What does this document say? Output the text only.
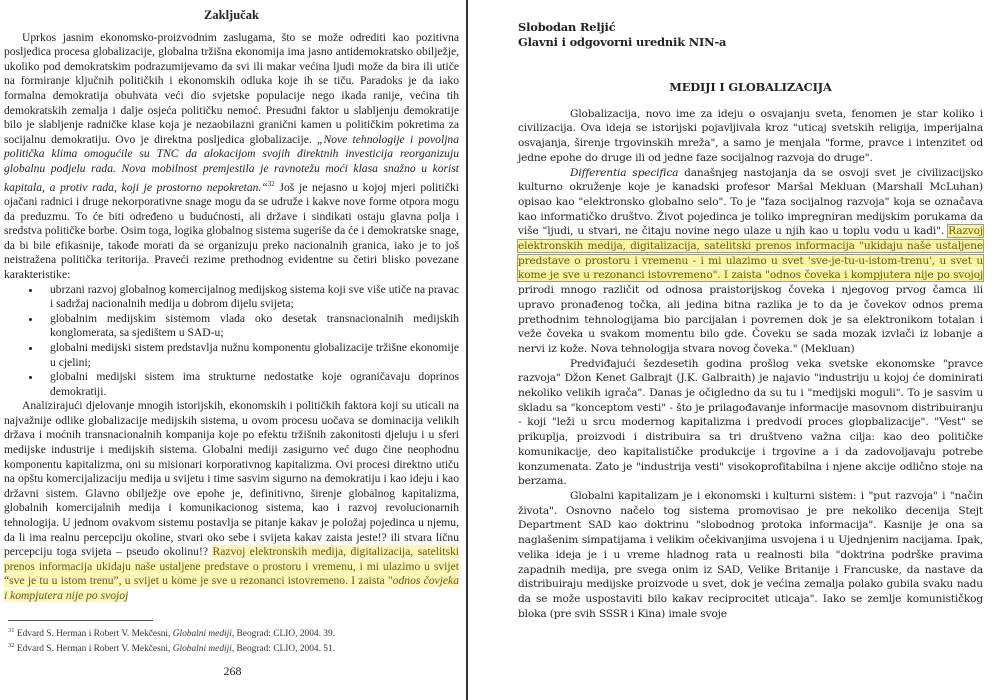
Zaključak

Uprkos jasnim ekonomsko-proizvodnim zaslugama, što se može odrediti kao pozitivna posljedica procesa globalizacije, globalna tržišna ekonomija ima jasno antidemokratsko obilježje, ukoliko pod demokratskim podrazumijevamo da svi ili makar većina ljudi može da bira ili utiče na formiranje ključnih političkih i ekonomskih odluka koje ih se tiču. Paradoks je da iako formalna demokratija obuhvata veći dio svjetske populacije nego ikada ranije, većina tih demokratskih zemalja i dalje osjeća političku nemoć. Presudni faktor u slabljenju demokratije bilo je slabljenje radničke klase koja je nezaobilazni granični kamen u političkim pokretima za socijalnu demokratiju. Ovo je direktna posljedica globalizacije. „Nove tehnologije i povoljna politička klima omogućile su TNC da alokacijom svojih direktnih investicija reorganizuju globalnu podjelu rada. Nova mobilnost premjestila je ravnotežu moći klasa snažno u korist kapitala, a protiv rada, koji je prostorno nepokretan.“$^{32}$ Još je nejasno u kojoj mjeri politički ojačani radnici i druge nekorporativne snage mogu da se udruže i kakve nove forme otpora mogu da preduzmu. To će biti određeno u budućnosti, ali države i sindikati ostaju glavna polja i sredstva političke borbe. Osim toga, logika globalnog sistema sugeriše da će i demokratske snage, da bi bile efikasnije, takođe morati da se organizuju preko nacionalnih granica, iako je to još neistražena politička teritorija. Praveći rezime prethodnog evidentne su četiri blisko povezane karakteristike:

• ubrzani razvoj globalnog komercijalnog medijskog sistema koji sve više utiče na pravac i sadržaj nacionalnih medija u dobrom dijelu svijeta;
• globalnim medijskim sistemom vlada oko desetak transnacionalnih medijskih konglomerata, sa sjedištem u SAD-u;
• globalni medijski sistem predstavlja nužnu komponentu globalizacije tržišne ekonomije u cjelini;
• globalni medijski sistem ima strukturne nedostatke koje ograničavaju doprinos demokratiji.

Analizirajući djelovanje mnogih istorijskih, ekonomskih i političkih faktora koji su uticali na najvažnije odlike globalizacije medijskih sistema, u ovom procesu uočava se dominacija velikih država i moćnih transnacionalnih kompanija koje po efektu tržišnih zakonitosti djeluju i u sferi medijske industrije i medijskih sistema. Globalni mediji zasigurno već dugo čine neophodnu komponentu kapitalizma, oni su misionari korporativnog kapitalizma. Ovi procesi direktno utiču na opštu komercijalizaciju medija u svijetu i time sasvim sigurno na demokratiju i kao ideju i kao državni sistem. Glavno obilježje ove epohe je, definitivno, širenje globalnog kapitalizma, globalnih komercijalnih medija i komunikacionog sistema, kao i razvoj revolucionarnih tehnologija. U jednom ovakvom sistemu postavlja se pitanje kakav je položaj pojedinca u njemu, da li ima realnu percepciju okoline, stvari oko sebe i svijeta kakav zaista jeste!? ili stvara ličnu percepciju toga svijeta – pseudo okolinu!? Razvoj elektronskih medija, digitalizacija, satelitski prenos informacija ukidaju naše ustaljene predstave o prostoru i vremenu, i mi ulazimo u svijet “sve je tu u istom trenu”, u svijet u kome je sve u rezonanci istovremeno. I zaista "odnos čovjeka i kompjutera nije po svojoj

$^{31}$ Edvard S. Herman i Robert V. Mekčesni, Globalni mediji, Beograd: CLIO, 2004. 39.
$^{32}$ Edvard S. Herman i Robert V. Mekčesni, Globalni mediji, Beograd: CLIO, 2004. 51.
268
Slobodan Reljić
Glavni i odgovorni urednik NIN-a
MEDIJI I GLOBALIZACIJA

Globalizacija, novo ime za ideju o osvajanju sveta, fenomen je star koliko i civilizacija. Ova ideja se istorijski pojavljivala kroz "uticaj svetskih religija, imperijalna osvajanja, širenje trgovinskih mreža", a samo je menjala "forme, pravce i intenzitet od jedne epohe do druge ili od jedne faze socijalnog razvoja do druge".

Differentia specifica današnjeg nastojanja da se osvoji svet je civilizacijsko kulturno okruženje koje je kanadski profesor Maršal Mekluan (Marshall McLuhan) opisao kao "elektronsko globalno selo". To je "faza socijalnog razvoja" koja se označava kao informatičko društvo. Život pojedinca je toliko impregniran medijskim porukama da više "ljudi, u stvari, ne čitaju novine nego ulaze u njih kao u toplu vodu u kadi". Razvoj elektronskih medija, digitalizacija, satelitski prenos informacija "ukidaju naše ustaljene predstave o prostoru i vremenu - i mi ulazimo u svet 'sve-je-tu-u-istom-trenu', u svet u kome je sve u rezonanci istovremeno". I zaista "odnos čoveka i kompjutera nije po svojoj prirodi mnogo različit od odnosa praistorijskog čoveka i njegovog prvog čamca ili upravo pronađenog točka, ali jedina bitna razlika je to da je čovekov odnos prema prethodnim tehnologijama bio parcijalan i povremen dok je sa elektronikom totalan i veže čoveka u svakom momentu bilo gde. Čoveku se sada mozak izvlači iz lobanje a nervi iz kože. Nova tehnologija stvara novog čoveka." (Mekluan)

Predviđajući šezdesetih godina prošlog veka svetske ekonomske "pravce razvoja" Džon Kenet Galbrajt (J.K. Galbraith) je najavio "industriju u kojoj će dominirati nekoliko velikih igrača". Danas je očigledno da su tu i "medijski moguli". To je sasvim u skladu sa "konceptom vesti" - što je prilagođavanje informacije masovnom distribuiranju - koji "leži u srcu modernog kapitalizma i predvodi proces glopbalizacije". "Vest" se prikuplja, proizvodi i distribuira sa tri društveno važna cilja: kao deo političke komunikacije, deo kapitalističke produkcije i trgovine a i da zadovoljavaju potrebe konzumenata. Zato je "industrija vesti" visokoprofitabilna i njene akcije odlično stoje na berzama.

Globalni kapitalizam je i ekonomski i kulturni sistem: i "put razvoja" i "način života". Osnovno načelo tog sistema promovisao je pre nekoliko decenija Stejt Department SAD kao doktrinu "slobodnog protoka informacija". Kasnije je ona sa naglašenim simpatijama i velikim očekivanjima usvojena i u Ujednjenim nacijama. Ipak, velika ideja je i u vreme hladnog rata u realnosti bila "doktrina podrške pravima zapadnih medija, pre svega onim iz SAD, Velike Britanije i Francuske, da nastave da distribuiraju medijske proizvode u svet, dok je većina zemalja polako gubila svaku nadu da se može uspostaviti bilo kakav reciprocitet uticaja". Iako se zemlje komunističkog bloka (pre svih SSSR i Kina) imale svoje
